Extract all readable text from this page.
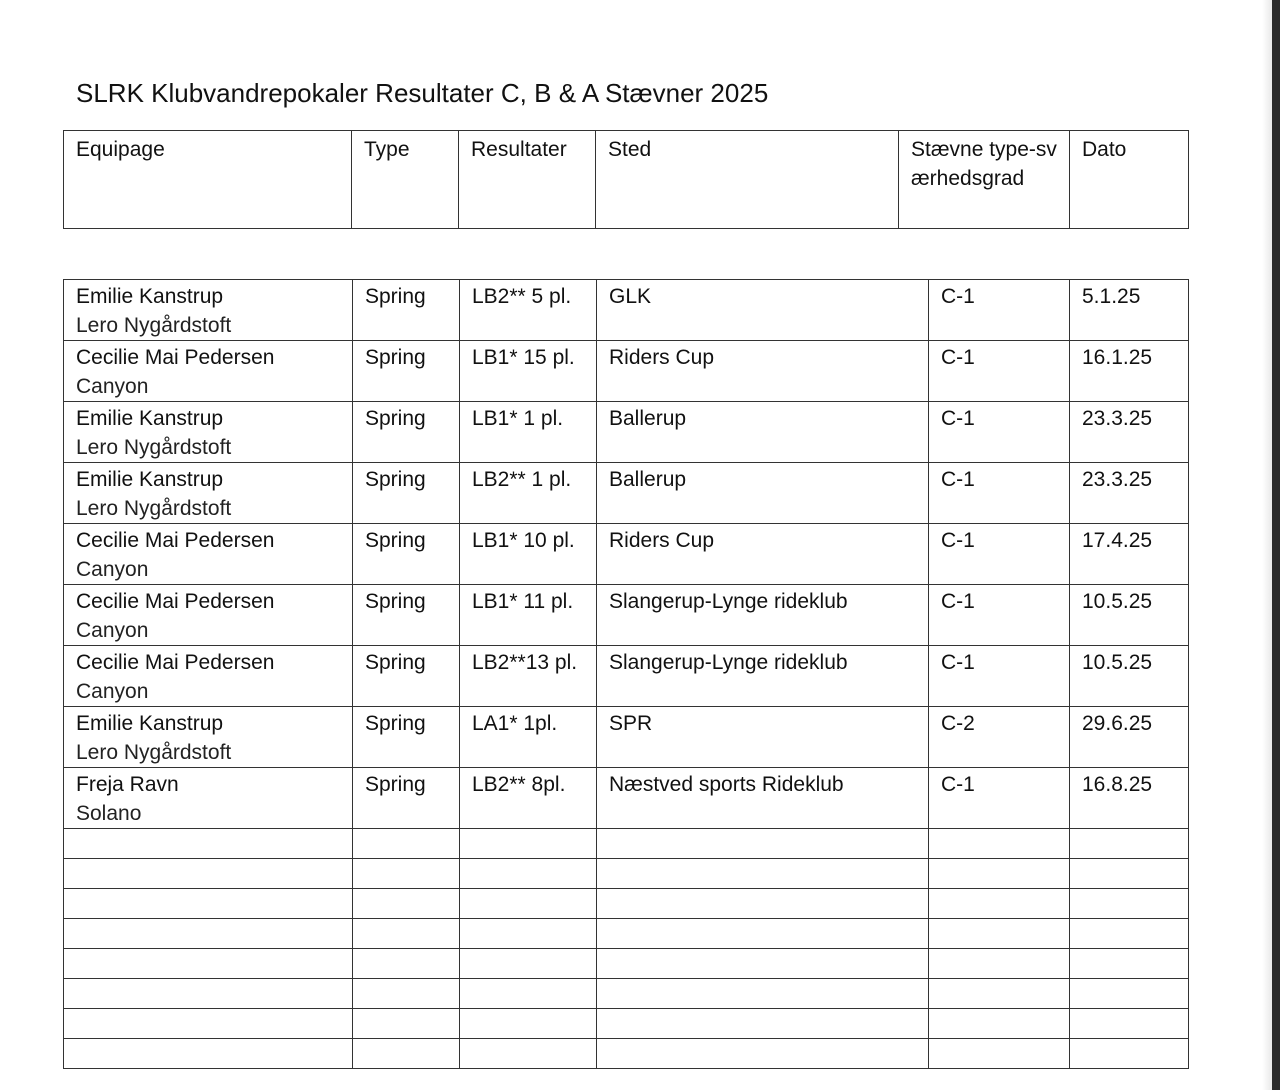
SLRK Klubvandrepokaler Resultater C, B & A Stævner 2025
Equipage	Type	Resultater	Sted	Stævne type-sværhedsgrad	Dato
Emilie Kanstrup
Lero Nygårdstoft	Spring	LB2** 5 pl.	GLK	C-1	5.1.25

Cecilie Mai Pedersen
Canyon	Spring	LB1* 15 pl.	Riders Cup	C-1	16.1.25

Emilie Kanstrup
Lero Nygårdstoft	Spring	LB1* 1 pl.	Ballerup	C-1	23.3.25

Emilie Kanstrup
Lero Nygårdstoft	Spring	LB2** 1 pl.	Ballerup	C-1	23.3.25

Cecilie Mai Pedersen
Canyon	Spring	LB1* 10 pl.	Riders Cup	C-1	17.4.25

Cecilie Mai Pedersen
Canyon	Spring	LB1* 11 pl.	Slangerup-Lynge rideklub	C-1	10.5.25

Cecilie Mai Pedersen
Canyon	Spring	LB2**13 pl.	Slangerup-Lynge rideklub	C-1	10.5.25

Emilie Kanstrup
Lero Nygårdstoft	Spring	LA1* 1pl.	SPR	C-2	29.6.25

Freja Ravn
Solano	Spring	LB2** 8pl.	Næstved sports Rideklub	C-1	16.8.25
